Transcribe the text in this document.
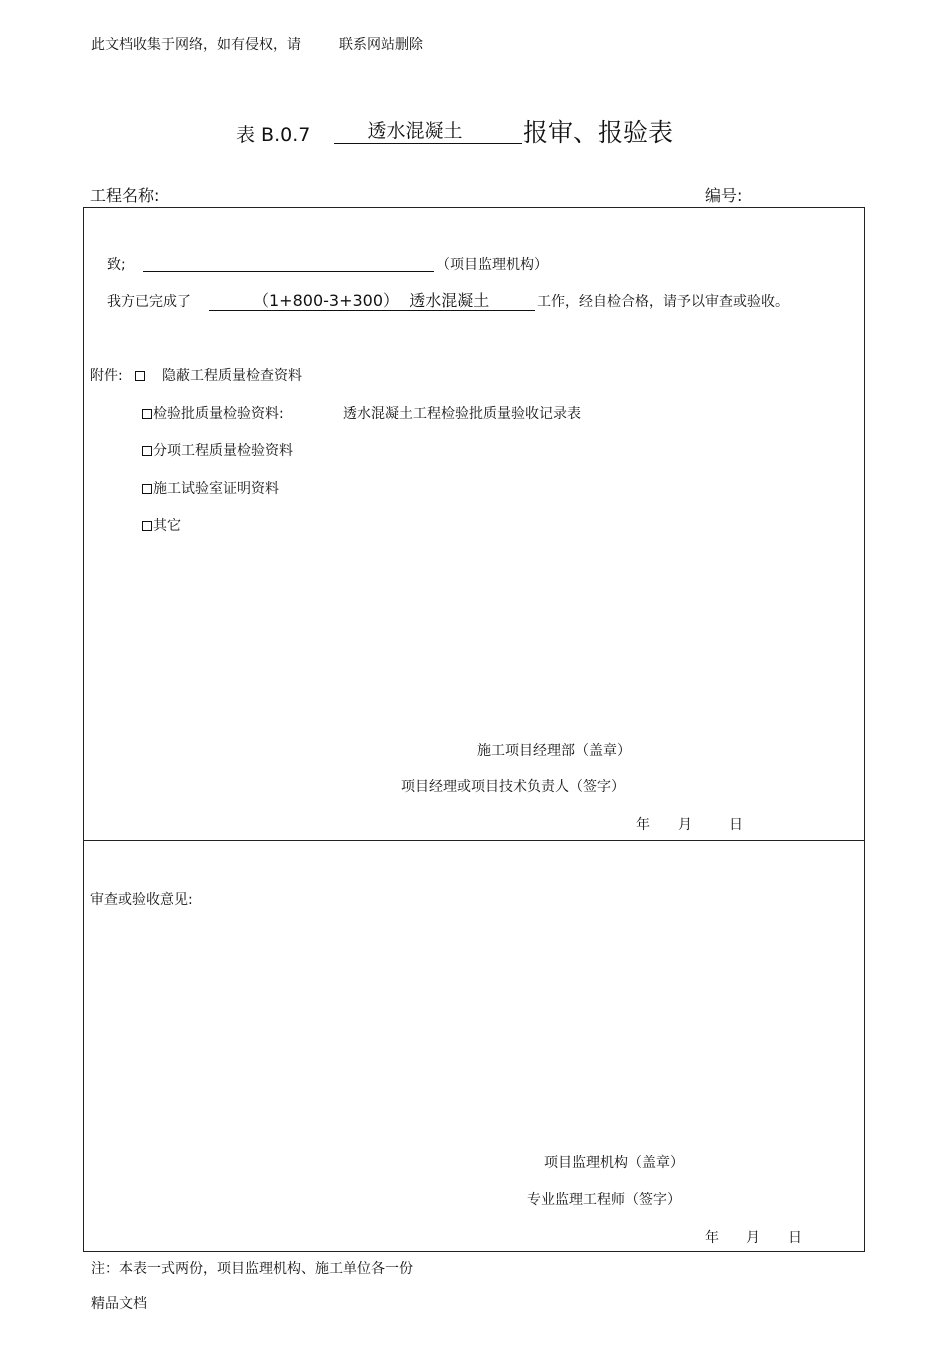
此文档收集于网络，如有侵权，请	联系网站删除
表 B.0.7	透水混凝土	报审、报验表
工程名称:	编号:
致;	（项目监理机构）
我方已完成了	（1+800-3+300） 透水混凝土	工作，经自检合格，请予以审查或验收。
附件:	隐蔽工程质量检查资料
检验批质量检验资料:	透水混凝土工程检验批质量验收记录表
分项工程质量检验资料
施工试验室证明资料
其它
施工项目经理部（盖章）
项目经理或项目技术负责人（签字）
年 月	日
审查或验收意见:
项目监理机构（盖章）
专业监理工程师（签字）
年 月 日
注：本表一式两份，项目监理机构、施工单位各一份
精品文档
